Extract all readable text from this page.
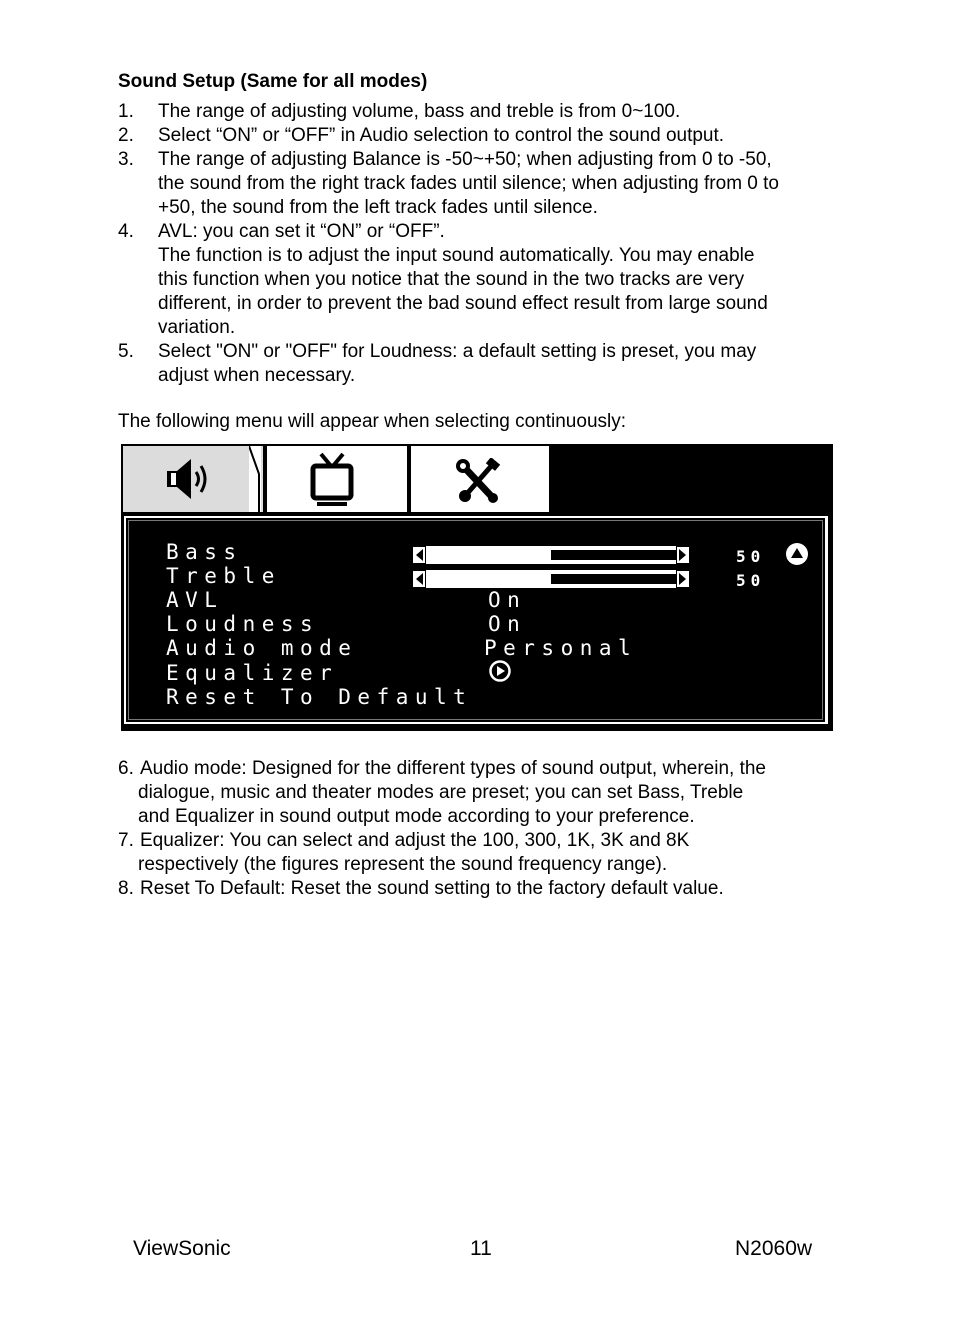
Sound Setup (Same for all modes)
1. The range of adjusting volume, bass and treble is from 0~100.
2. Select “ON” or “OFF” in Audio selection to control the sound output.
3. The range of adjusting Balance is -50~+50; when adjusting from 0 to -50,
the sound from the right track fades until silence; when adjusting from 0 to
+50, the sound from the left track fades until silence.
4. AVL: you can set it “ON” or “OFF”.
The function is to adjust the input sound automatically. You may enable
this function when you notice that the sound in the two tracks are very
different, in order to prevent the bad sound effect result from large sound
variation.
5. Select "ON" or "OFF" for Loudness: a default setting is preset, you may
adjust when necessary.
The following menu will appear when selecting continuously:
Bass	50
Treble	50
AVL	On
Loudness	On
Audio mode	Personal
Equalizer
Reset To Default
6. Audio mode: Designed for the different types of sound output, wherein, the
dialogue, music and theater modes are preset; you can set Bass, Treble
and Equalizer in sound output mode according to your preference.
7. Equalizer: You can select and adjust the 100, 300, 1K, 3K and 8K
respectively (the figures represent the sound frequency range).
8. Reset To Default: Reset the sound setting to the factory default value.
ViewSonic	11	N2060w
